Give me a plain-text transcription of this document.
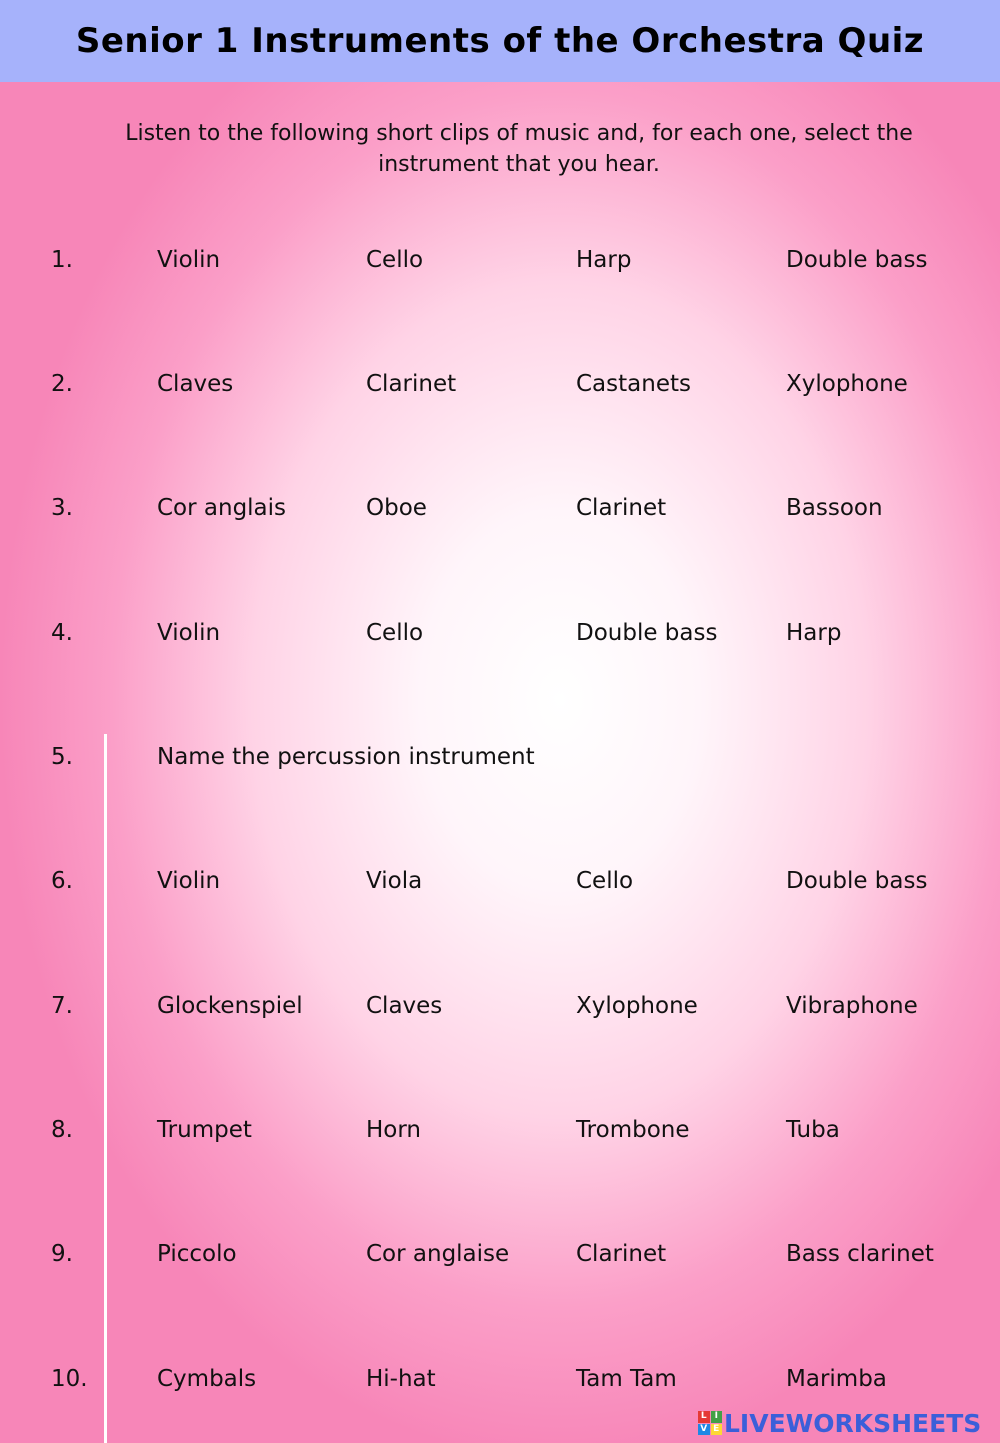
Senior 1 Instruments of the Orchestra Quiz
Listen to the following short clips of music and, for each one, select the instrument that you hear.
1.	Violin	Cello	Harp	Double bass
2.	Claves	Clarinet	Castanets	Xylophone
3.	Cor anglais	Oboe	Clarinet	Bassoon
4.	Violin	Cello	Double bass	Harp
5.	Name the percussion instrument
6.	Violin	Viola	Cello	Double bass
7.	Glockenspiel	Claves	Xylophone	Vibraphone
8.	Trumpet	Horn	Trombone	Tuba
9.	Piccolo	Cor anglaise	Clarinet	Bass clarinet
10.	Cymbals	Hi-hat	Tam Tam	Marimba
L I
V E LIVEWORKSHEETS
